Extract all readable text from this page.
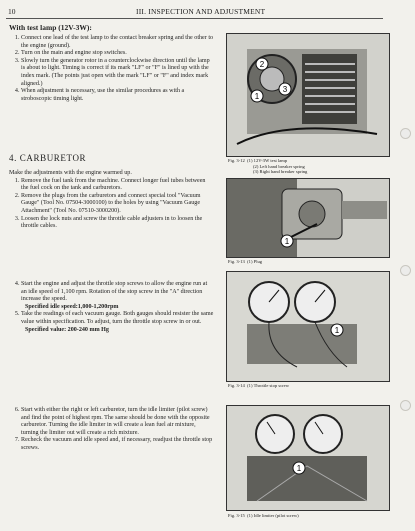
10	III. INSPECTION AND ADJUSTMENT
With test lamp (12V-3W):
1. Connect one lead of the test lamp to the contact breaker spring and the other to the engine (ground).
2. Turn on the main and engine stop switches.
3. Slowly turn the generator rotor in a counterclockwise direction until the lamp is about to light. Timing is correct if its mark "LF" or "F" is lined up with the index mark. (The points just open with the mark "LF" or "F" and index mark aligned.)
4. When adjustment is necessary, use the similar procedures as with a stroboscopic timing light.
2
3
1
Fig. 3-12 (1) 12V-3W test lamp
(2) Left hand breaker spring
(3) Right hand breaker spring
4. CARBURETOR
Make the adjustments with the engine warmed up.
1. Remove the fuel tank from the machine. Connect longer fuel tubes between the fuel cock on the tank and carburetors.
2. Remove the plugs from the carburetors and connect special tool "Vacuum Gauge" (Tool No. 07504-3000100) to the holes by using "Vacuum Gauge Attachment" (Tool No. 07510-3000200).
3. Loosen the lock nuts and screw the throttle cable adjusters in to loosen the throttle cables.
1
Fig. 3-13 (1) Plug
4. Start the engine and adjust the throttle stop screws to allow the engine run at an idle speed of 1,100 rpm. Rotation of the stop screw in the "A" direction increase the speed.
Specified idle speed:1,000-1,200rpm
5. Take the readings of each vacuum gauge. Both gauges should resister the same value within specification. To adjust, turn the throttle stop screw in or out.
Specified value: 200-240 mm Hg	1
Fig. 3-14 (1) Throttle stop screw
6. Start with either the right or left carburetor, turn the idle limiter (pilot screw) and find the point of highest rpm. The same should be done with the opposite carburetor. Turning the idle limiter in will create a lean fuel air mixture, turning the limiter out will create a rich mixture.
7. Recheck the vacuum and idle speed and, if necessary, readjust the throttle stop screws.
1
Fig. 3-15 (1) Idle limiter (pilot screw)
